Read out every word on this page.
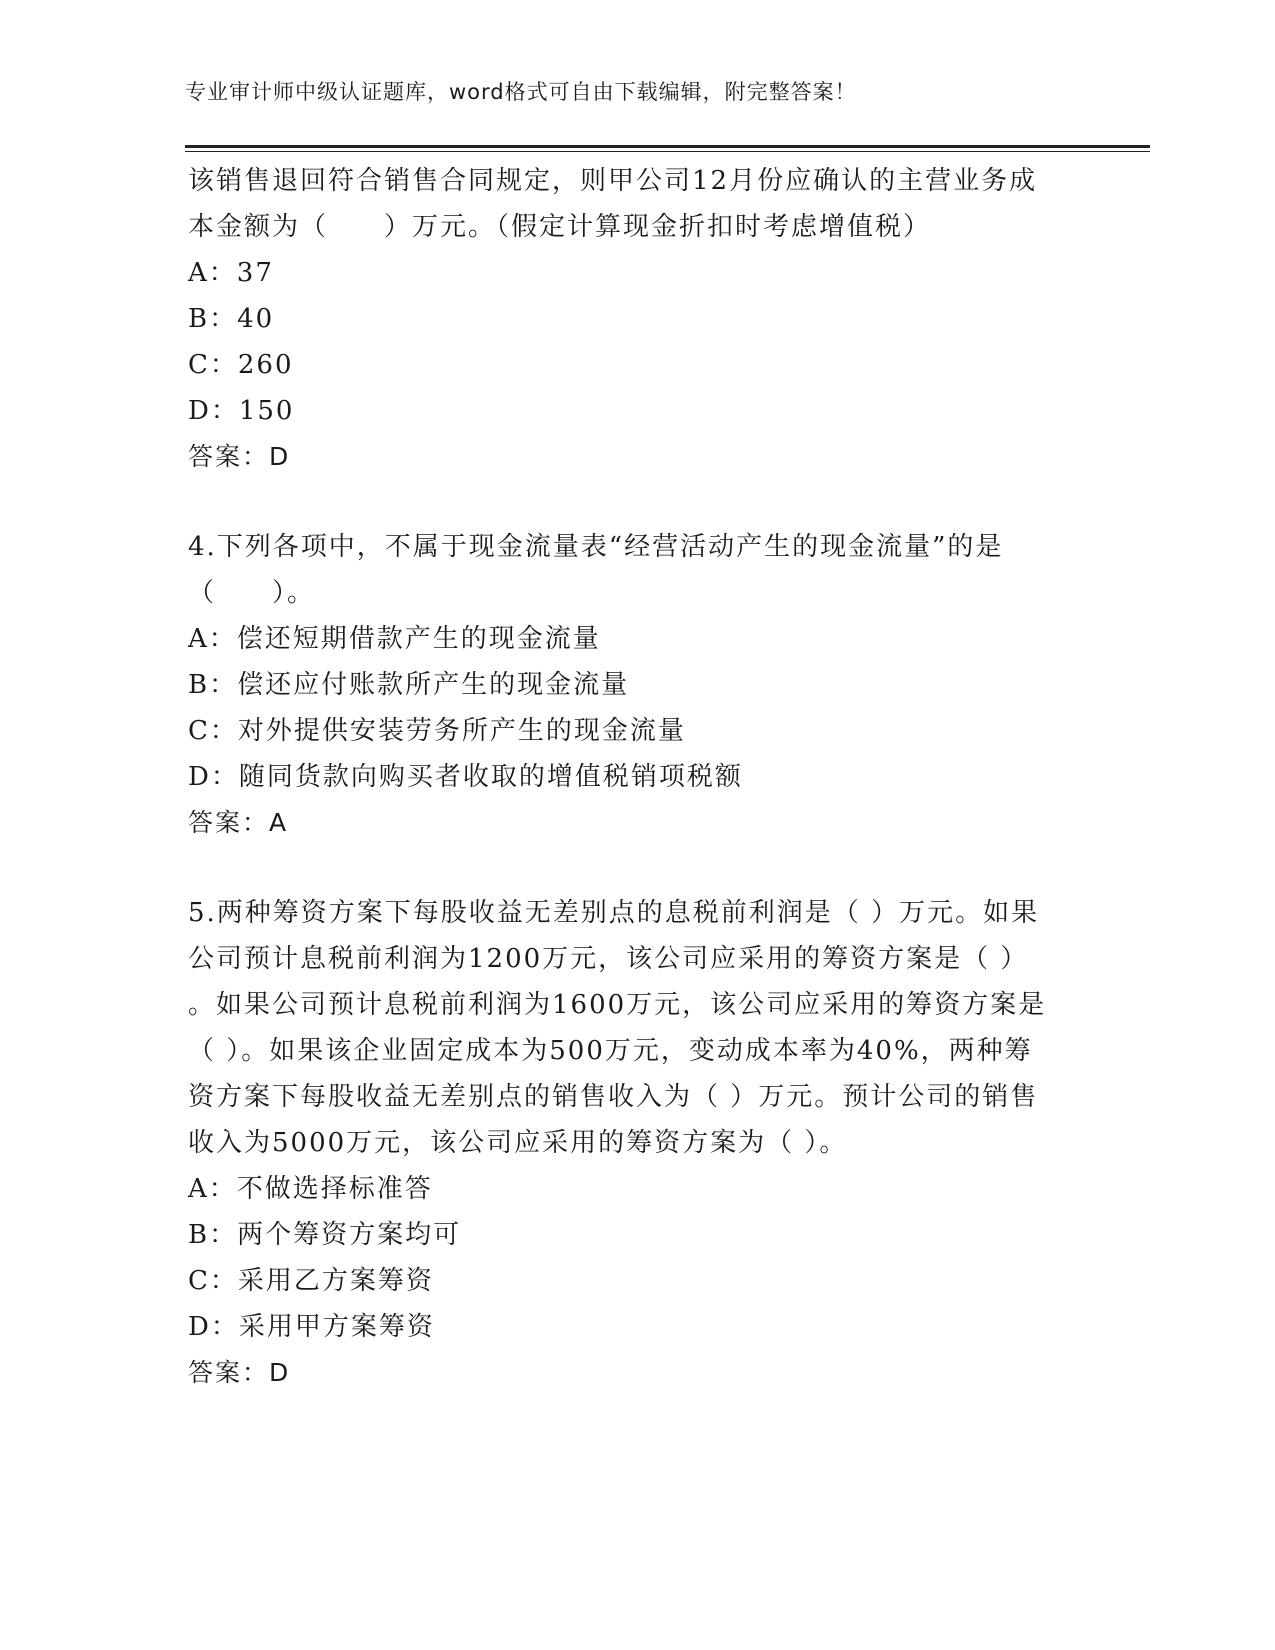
专业审计师中级认证题库，word格式可自由下载编辑，附完整答案！
该销售退回符合销售合同规定，则甲公司12月份应确认的主营业务成
本金额为（　　）万元。（假定计算现金折扣时考虑增值税）
A：37
B：40
C：260
D：150
答案：D
4.下列各项中，不属于现金流量表“经营活动产生的现金流量”的是
（　　）。
A：偿还短期借款产生的现金流量
B：偿还应付账款所产生的现金流量
C：对外提供安装劳务所产生的现金流量
D：随同货款向购买者收取的增值税销项税额
答案：A
5.两种筹资方案下每股收益无差别点的息税前利润是（ ）万元。如果
公司预计息税前利润为1200万元，该公司应采用的筹资方案是（ ）
。如果公司预计息税前利润为1600万元，该公司应采用的筹资方案是
（ ）。如果该企业固定成本为500万元，变动成本率为40%，两种筹
资方案下每股收益无差别点的销售收入为（ ）万元。预计公司的销售
收入为5000万元，该公司应采用的筹资方案为（ ）。
A：不做选择标准答
B：两个筹资方案均可
C：采用乙方案筹资
D：采用甲方案筹资
答案：D
